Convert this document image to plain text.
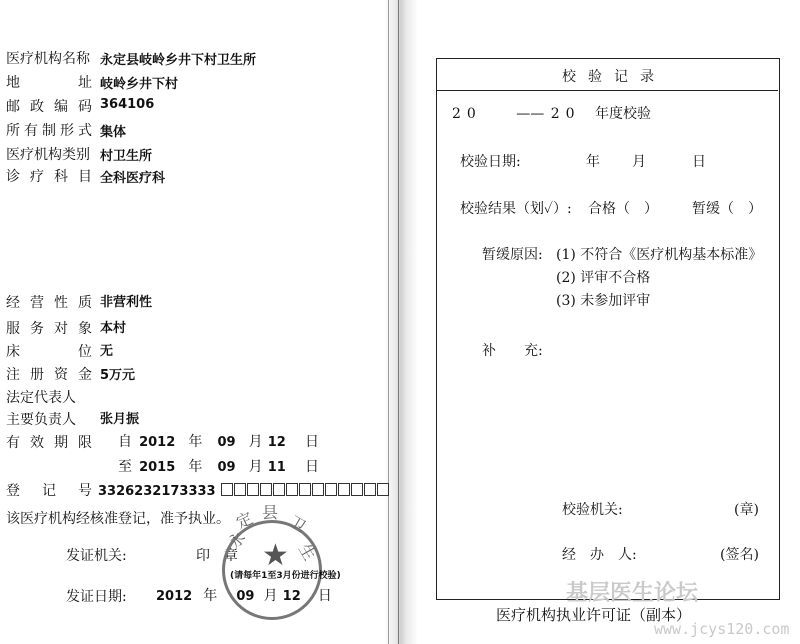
医疗机构名称 永定县岐岭乡井下村卫生所
地址 岐岭乡井下村
邮政编码 364106
所有制形式 集体
医疗机构类别 村卫生所
诊疗科目 全科医疗科
经营性质 非营利性
服务对象 本村
床位 无
注册资金 5万元
法定代表人
主要负责人 张月振
有效期限 自 2012 年 09 月 12 日
至 2015 年 09 月 11 日
登记号 3326232173333
该医疗机构经核准登记，准予执业。
发证机关:	印章 ★
永
定 县 卫
生
(请每年1至3月份进行校验)
发证日期: 2012 年 09 月 12 日
校验记录
20 —— 20 年度校验
校验日期:	年 月	日
校验结果（划✓）: 合格（　） 暂缓（　）
暂缓原因: (1) 不符合《医疗机构基本标准》
(2) 评审不合格
(3) 未参加评审
补　　充:
校验机关:	(章)
经　办　人:	(签名)
医疗机构执业许可证（副本）
基层医生论坛
www.jcys120.com
